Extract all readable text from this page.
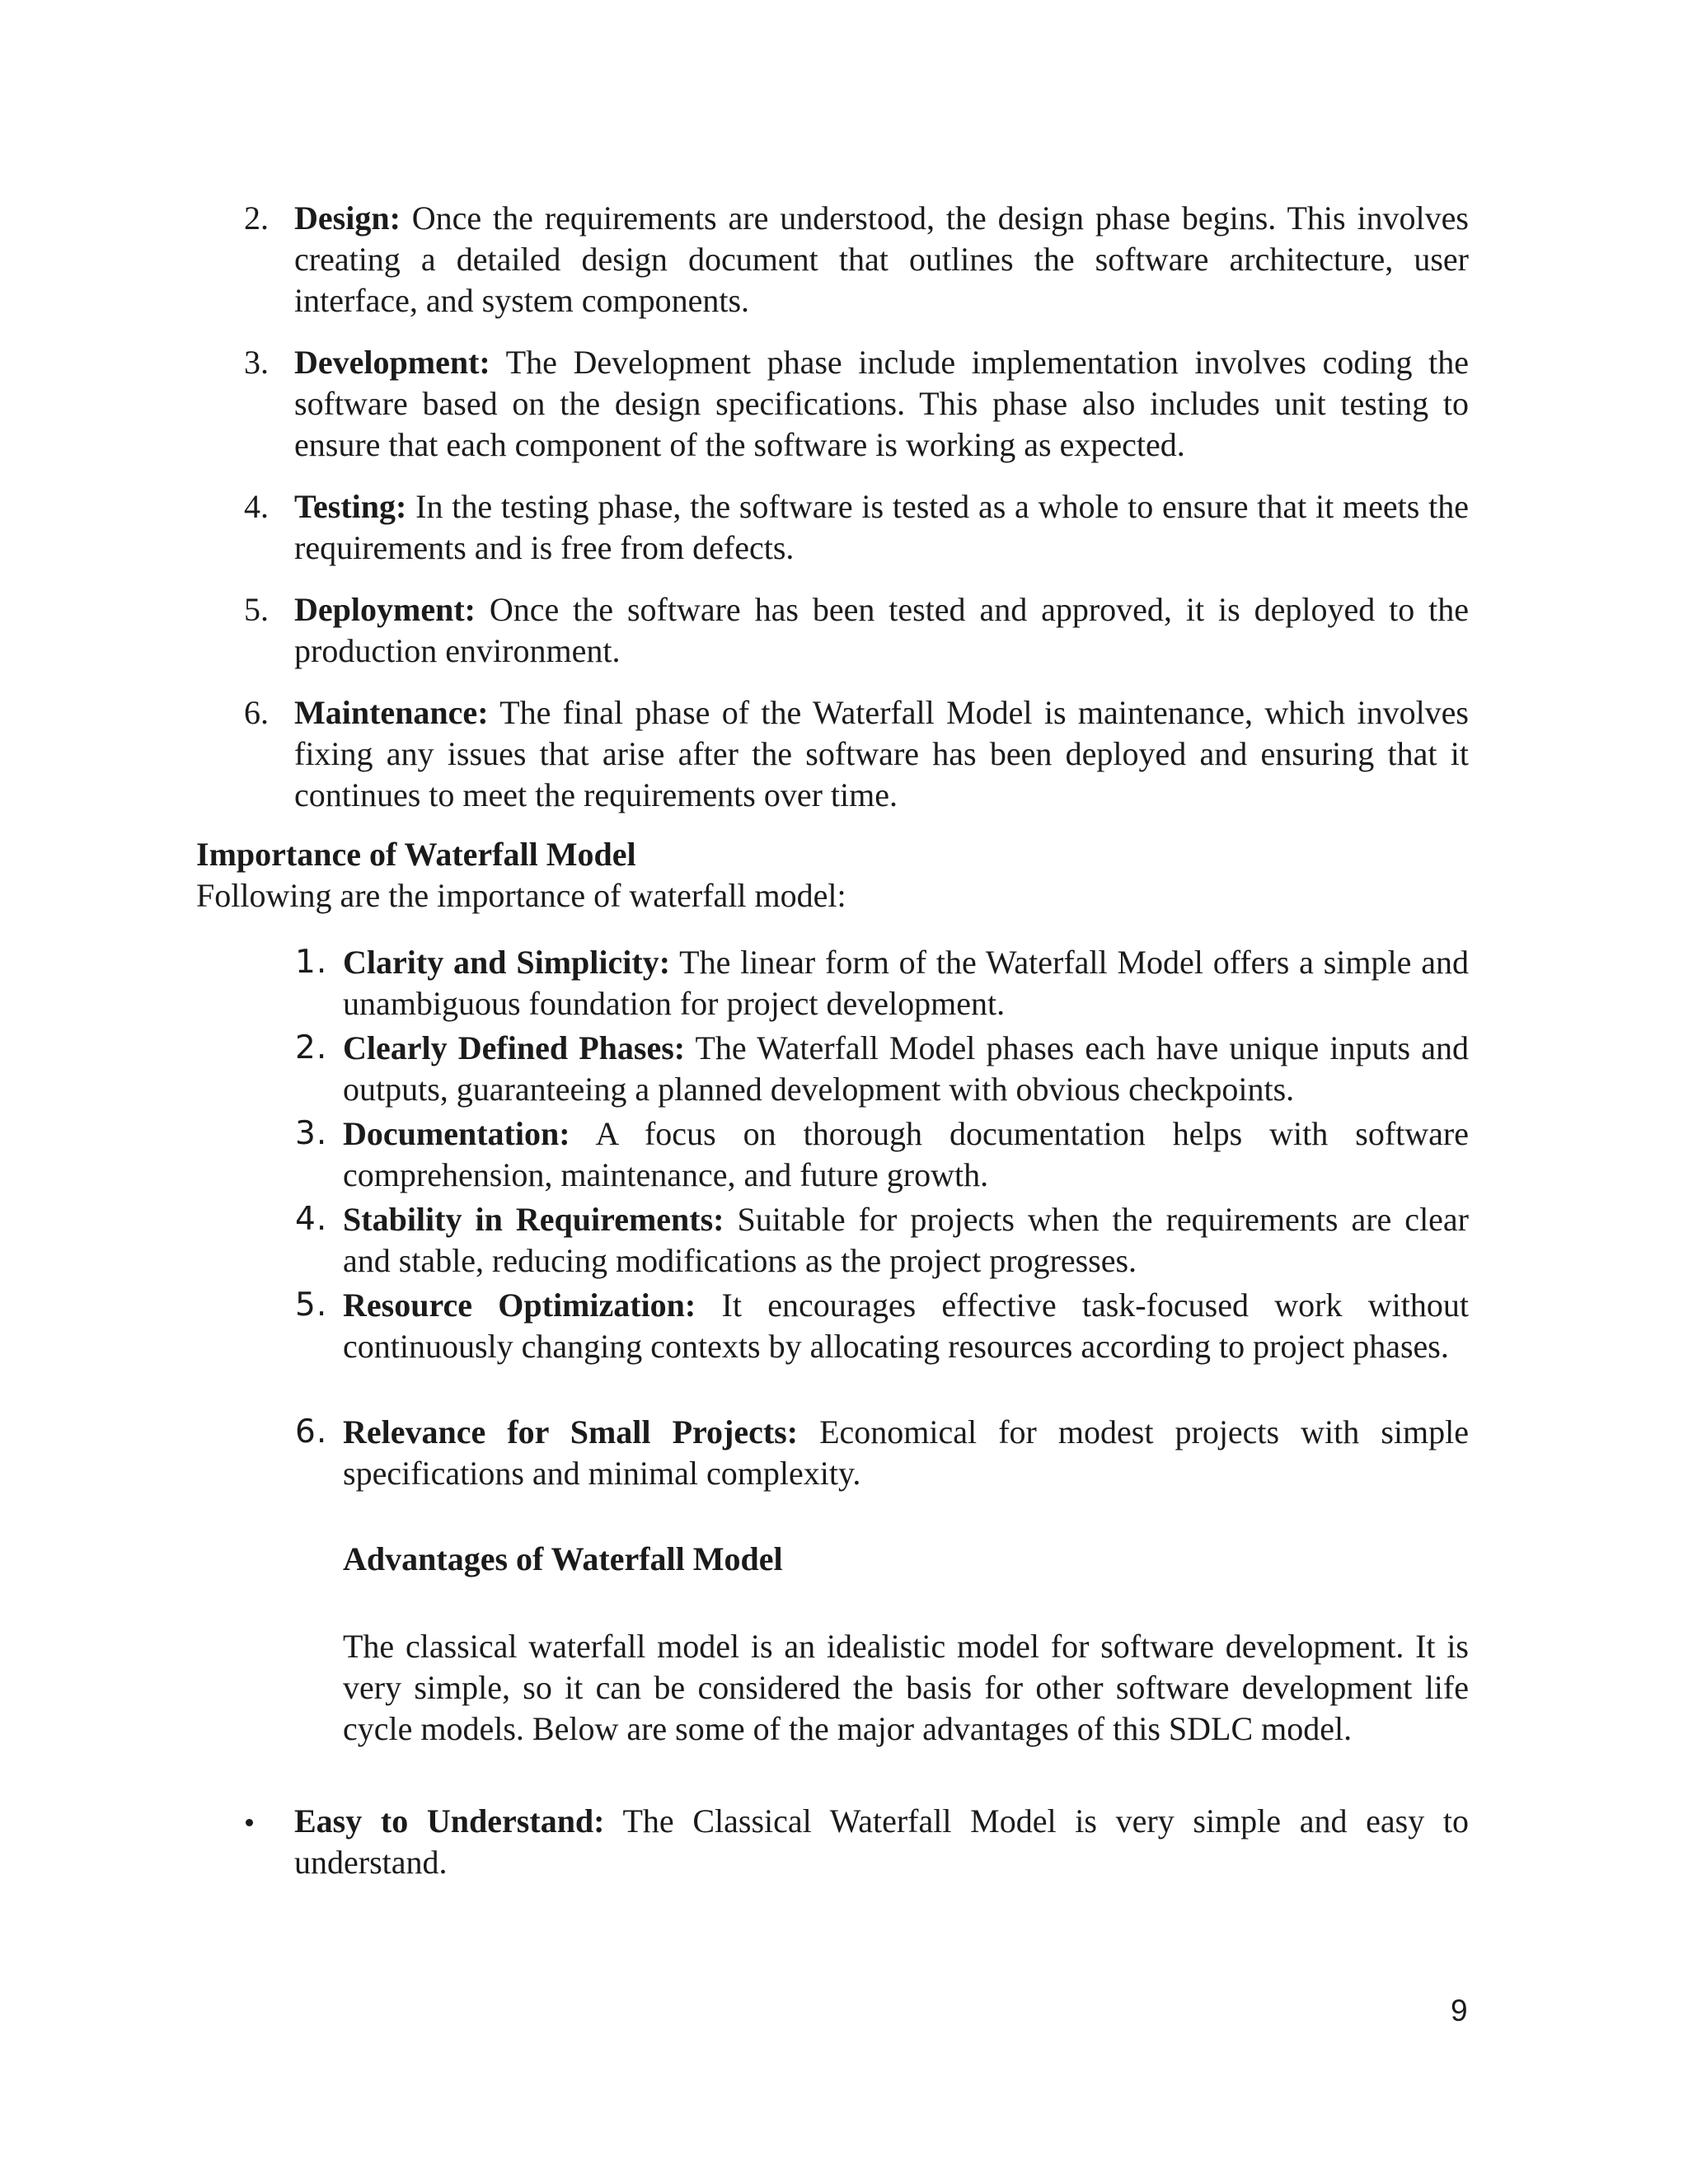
2. Design: Once the requirements are understood, the design phase begins. This involves creating a detailed design document that outlines the software architecture, user interface, and system components.
3. Development: The Development phase include implementation involves coding the software based on the design specifications. This phase also includes unit testing to ensure that each component of the software is working as expected.
4. Testing: In the testing phase, the software is tested as a whole to ensure that it meets the requirements and is free from defects.
5. Deployment: Once the software has been tested and approved, it is deployed to the production environment.
6. Maintenance: The final phase of the Waterfall Model is maintenance, which involves fixing any issues that arise after the software has been deployed and ensuring that it continues to meet the requirements over time.
Importance of Waterfall Model
Following are the importance of waterfall model:
1. Clarity and Simplicity: The linear form of the Waterfall Model offers a simple and unambiguous foundation for project development.
2. Clearly Defined Phases: The Waterfall Model phases each have unique inputs and outputs, guaranteeing a planned development with obvious checkpoints.
3. Documentation: A focus on thorough documentation helps with software comprehension, maintenance, and future growth.
4. Stability in Requirements: Suitable for projects when the requirements are clear and stable, reducing modifications as the project progresses.
5. Resource Optimization: It encourages effective task-focused work without continuously changing contexts by allocating resources according to project phases.
6. Relevance for Small Projects: Economical for modest projects with simple specifications and minimal complexity.
Advantages of Waterfall Model
The classical waterfall model is an idealistic model for software development. It is very simple, so it can be considered the basis for other software development life cycle models. Below are some of the major advantages of this SDLC model.
Easy to Understand: The Classical Waterfall Model is very simple and easy to understand.
9
